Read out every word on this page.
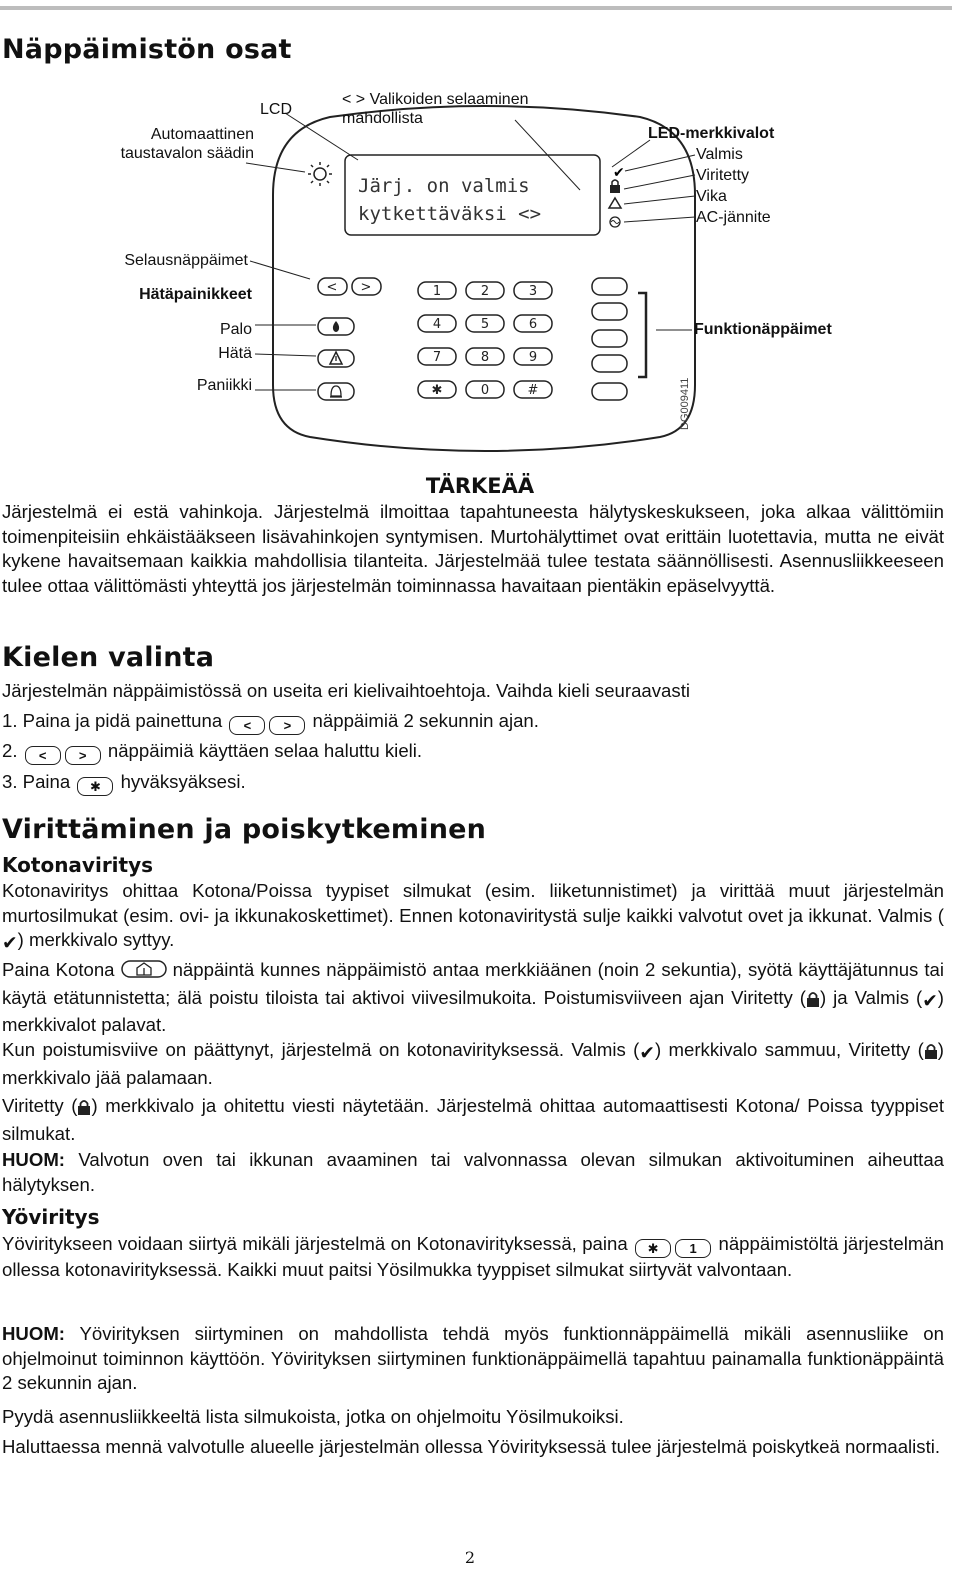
Näppäimistön osat
✔
< >	1	2	3
4	5	6
7	8	9
✱	0	#
Järj. on valmis
kytkettäväksi <>
DG009411
Automaattinen taustavalon säädin
LCD
< > Valikoiden selaaminen mahdollista
LED-merkkivalot
Valmis
Viritetty
Vika
AC-jännite
Selausnäppäimet
Hätäpainikkeet
Palo
Hätä
Paniikki
Funktionäppäimet
TÄRKEÄÄ
Järjestelmä ei estä vahinkoja. Järjestelmä ilmoittaa tapahtuneesta hälytyskeskukseen, joka alkaa välittömiin toimenpiteisiin ehkäistääkseen lisävahinkojen syntymisen. Murtohälyttimet ovat erittäin luotettavia, mutta ne eivät kykene havaitsemaan kaikkia mahdollisia tilanteita. Järjestelmää tulee testata säännöllisesti. Asennusliikkeeseen tulee ottaa välittömästi yhteyttä jos järjestelmän toiminnassa havaitaan pientäkin epäselvyyttä.
Kielen valinta
Järjestelmän näppäimistössä on useita eri kielivaihtoehtoja. Vaihda kieli seuraavasti
1. Paina ja pidä painettuna < > näppäimiä 2 sekunnin ajan.
2. < > näppäimiä käyttäen selaa haluttu kieli.
3. Paina ✱ hyväksyäksesi.
Virittäminen ja poiskytkeminen
Kotonaviritys
Kotonaviritys ohittaa Kotona/Poissa tyypiset silmukat (esim. liiketunnistimet) ja virittää muut järjestelmän murtosilmukat (esim. ovi- ja ikkunakoskettimet). Ennen kotonaviritystä sulje kaikki valvotut ovet ja ikkunat. Valmis (✔) merkkivalo syttyy.
Paina Kotona	näppäintä kunnes näppäimistö antaa merkkiäänen (noin 2 sekuntia), syötä käyttäjätunnus tai käytä etätunnistetta; älä poistu tiloista tai aktivoi viivesilmukoita. Poistumisviiveen ajan Viritetty ( ) ja Valmis (✔) merkkivalot palavat.
Kun poistumisviive on päättynyt, järjestelmä on kotonavirityksessä. Valmis (✔) merkkivalo sammuu, Viritetty ( ) merkkivalo jää palamaan.
Viritetty ( ) merkkivalo ja ohitettu viesti näytetään. Järjestelmä ohittaa automaattisesti Kotona/ Poissa tyyppiset silmukat.
HUOM: Valvotun oven tai ikkunan avaaminen tai valvonnassa olevan silmukan aktivoituminen aiheuttaa hälytyksen.
Yöviritys
Yöviritykseen voidaan siirtyä mikäli järjestelmä on Kotonavirityksessä, paina ✱ 1 näppäimistöltä järjestelmän ollessa kotonavirityksessä. Kaikki muut paitsi Yösilmukka tyyppiset silmukat siirtyvät valvontaan.
HUOM: Yövirityksen siirtyminen on mahdollista tehdä myös funktionnäppäimellä mikäli asennusliike on ohjelmoinut toiminnon käyttöön. Yövirityksen siirtyminen funktionäppäimellä tapahtuu painamalla funktionäppäintä 2 sekunnin ajan.
Pyydä asennusliikkeeltä lista silmukoista, jotka on ohjelmoitu Yösilmukoiksi.
Haluttaessa mennä valvotulle alueelle järjestelmän ollessa Yövirityksessä tulee järjestelmä poiskytkeä normaalisti.
2
